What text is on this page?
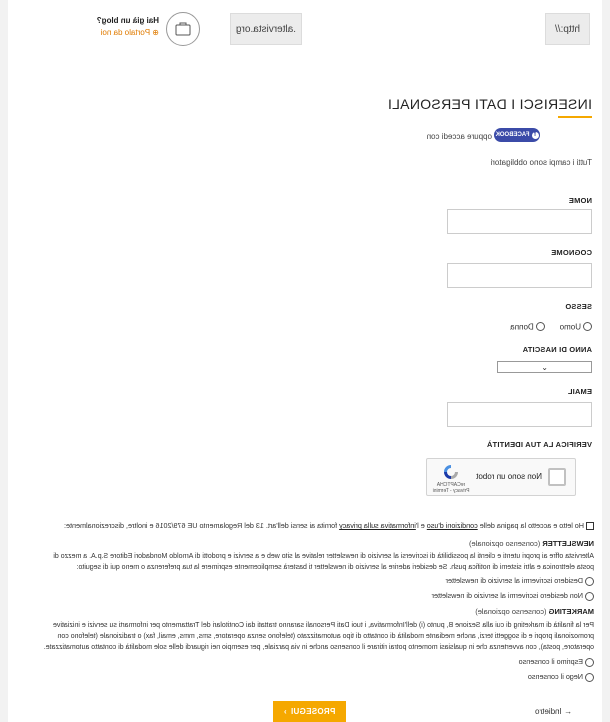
http://
.altervista.org
Hai già un blog?
⊕ Portalo da noi
INSERISCI I DATI PERSONALI
oppure accedi con	f
FACEBOOK
Tutti i campi sono obbligatori
NOME
COGNOME
SESSO
Uomo  Donna
ANNO DI NASCITA
⌄
EMAIL
VERIFICA LA TUA IDENTITÀ
Non sono un robot
reCAPTCHA
Privacy - Termini
Ho letto e accetto la pagina delle condizioni d'uso e l'informativa sulla privacy fornita ai sensi dell'art. 13 del Regolamento UE 679/2016 e inoltre, discrezionalmente:
NEWSLETTER (consenso opzionale)
Altervista offre ai propri utenti e clienti la possibilità di iscriversi al servizio di newsletter relative al sito web e a servizi e prodotti di Arnoldo Mondadori Editore S.p.A. a mezzo di
posta elettronica e altri sistemi di notifica push. Se desideri aderire al servizio di newsletter ti basterà semplicemente esprimere la tua preferenza o meno qui di seguito:
Desidero iscrivermi al servizio di newsletter
Non desidero iscrivermi al servizio di newsletter
MARKETING (consenso opzionale)
Per la finalità di marketing di cui alla Sezione B, punto (i) dell'Informativa, i tuoi Dati Personali saranno trattati dai Contitolari del Trattamento per informarti su servizi e iniziative
promozionali propri e di soggetti terzi, anche mediante modalità di contatto di tipo automatizzato (telefono senza operatore, sms, mms, email, fax) o tradizionale (telefono con
operatore, posta), con avvertenza che in qualsiasi momento potrai ritirare il consenso anche in via parziale, per esempio nei riguardi delle sole modalità di contatto automatizzate.
Esprimo il consenso
Nego il consenso
← Indietro
PROSEGUI
›
